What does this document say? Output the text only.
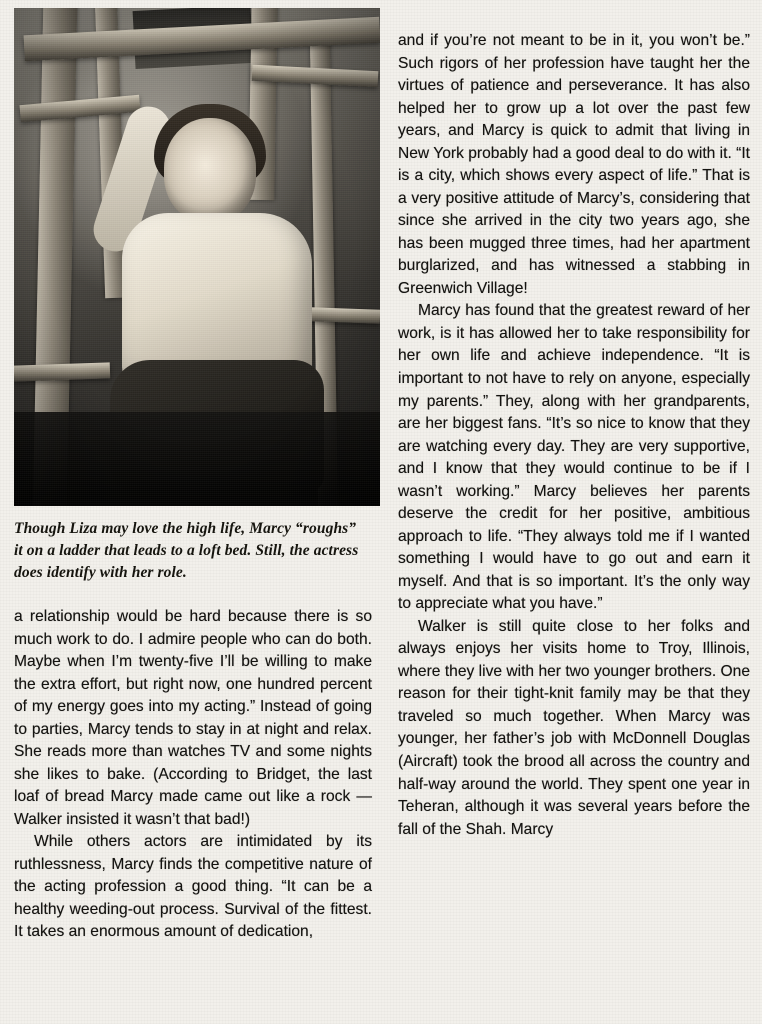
Though Liza may love the high life, Marcy “roughs” it on a ladder that leads to a loft bed. Still, the actress does identify with her role.

a relationship would be hard because there is so much work to do. I admire people who can do both. Maybe when I’m twenty-five I’ll be willing to make the extra effort, but right now, one hundred percent of my energy goes into my acting.” Instead of going to parties, Marcy tends to stay in at night and relax. She reads more than watches TV and some nights she likes to bake. (According to Bridget, the last loaf of bread Marcy made came out like a rock — Walker insisted it wasn’t that bad!)

While others actors are intimidated by its ruthlessness, Marcy finds the competitive nature of the acting profession a good thing. “It can be a healthy weeding-out process. Survival of the fittest. It takes an enormous amount of dedication,

and if you’re not meant to be in it, you won’t be.” Such rigors of her profession have taught her the virtues of patience and perseverance. It has also helped her to grow up a lot over the past few years, and Marcy is quick to admit that living in New York probably had a good deal to do with it. “It is a city, which shows every aspect of life.” That is a very positive attitude of Marcy’s, considering that since she arrived in the city two years ago, she has been mugged three times, had her apartment burglarized, and has witnessed a stabbing in Greenwich Village!

Marcy has found that the greatest reward of her work, is it has allowed her to take responsibility for her own life and achieve independence. “It is important to not have to rely on anyone, especially my parents.” They, along with her grandparents, are her biggest fans. “It’s so nice to know that they are watching every day. They are very supportive, and I know that they would continue to be if I wasn’t working.” Marcy believes her parents deserve the credit for her positive, ambitious approach to life. “They always told me if I wanted something I would have to go out and earn it myself. And that is so important. It’s the only way to appreciate what you have.”

Walker is still quite close to her folks and always enjoys her visits home to Troy, Illinois, where they live with her two younger brothers. One reason for their tight-knit family may be that they traveled so much together. When Marcy was younger, her father’s job with McDonnell Douglas (Aircraft) took the brood all across the country and half-way around the world. They spent one year in Teheran, although it was several years before the fall of the Shah. Marcy
